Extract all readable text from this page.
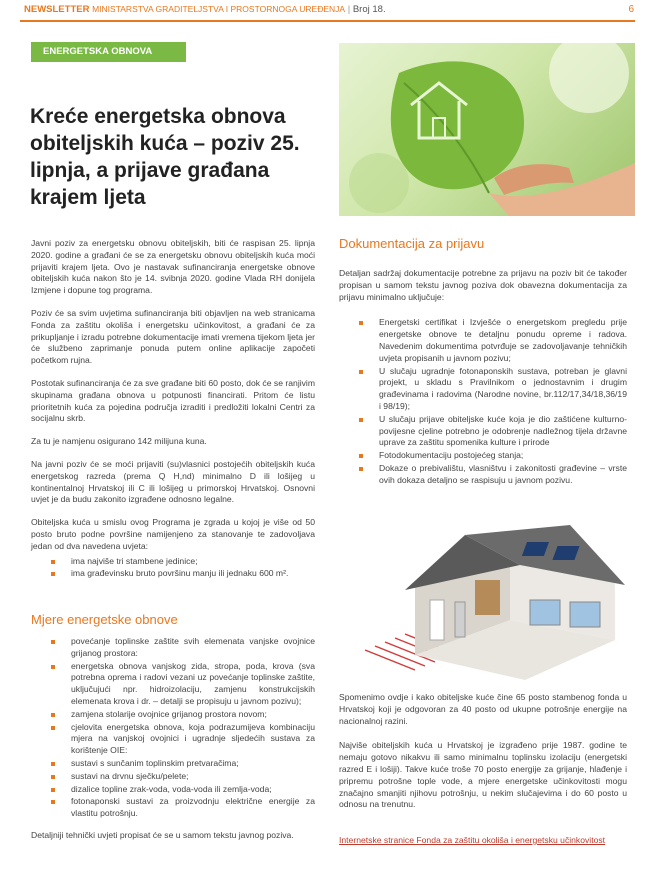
NEWSLETTER MINISTARSTVA GRADITELJSTVA I PROSTORNOGA UREĐENJA | Broj 18.	6
ENERGETSKA OBNOVA
Kreće energetska obnova obiteljskih kuća – poziv 25. lipnja, a prijave građana krajem ljeta

Javni poziv za energetsku obnovu obiteljskih, biti će raspisan 25. lipnja 2020. godine a građani će se za energetsku obnovu obiteljskih kuća moći prijaviti krajem ljeta. Ovo je nastavak sufinanciranja energetske obnove obiteljskih kuća nakon što je 14. svibnja 2020. godine Vlada RH donijela Izmjene i dopune tog programa.

Poziv će sa svim uvjetima sufinanciranja biti objavljen na web stranicama Fonda za zaštitu okoliša i energetsku učinkovitost, a građani će za prikupljanje i izradu potrebne dokumentacije imati vremena tijekom ljeta jer će službeno zaprimanje ponuda putem online aplikacije započeti početkom rujna.

Postotak sufinanciranja će za sve građane biti 60 posto, dok će se ranjivim skupinama građana obnova u potpunosti financirati. Pritom će listu prioritetnih kuća za pojedina područja izraditi i predložiti lokalni Centri za socijalnu skrb.

Za tu je namjenu osigurano 142 milijuna kuna.

Na javni poziv će se moći prijaviti (su)vlasnici postojećih obiteljskih kuća energetskog razreda (prema Q H,nd) minimalno D ili lošijeg u kontinentalnoj Hrvatskoj ili C ili lošijeg u primorskoj Hrvatskoj. Osnovni uvjet je da budu zakonito izgrađene odnosno legalne.

Obiteljska kuća u smislu ovog Programa je zgrada u kojoj je više od 50 posto bruto podne površine namijenjeno za stanovanje te zadovoljava jedan od dva navedena uvjeta:

ima najviše tri stambene jedinice;
ima građevinsku bruto površinu manju ili jednaku 600 m².
Mjere energetske obnove
povećanje toplinske zaštite svih elemenata vanjske ovojnice grijanog prostora:
energetska obnova vanjskog zida, stropa, poda, krova (sva potrebna oprema i radovi vezani uz povećanje toplinske zaštite, uključujući npr. hidroizolaciju, zamjenu konstrukcijskih elemenata krova i dr. – detalji se propisuju u javnom pozivu);
zamjena stolarije ovojnice grijanog prostora novom;
cjelovita energetska obnova, koja podrazumijeva kombinaciju mjera na vanjskoj ovojnici i ugradnje sljedećih sustava za korištenje OIE:
sustavi s sunčanim toplinskim pretvaračima;
sustavi na drvnu sječku/pelete;
dizalice topline zrak-voda, voda-voda ili zemlja-voda;
fotonaponski sustavi za proizvodnju električne energije za vlastitu potrošnju.

Detaljniji tehnički uvjeti propisat će se u samom tekstu javnog poziva.

Dokumentacija za prijavu

Detaljan sadržaj dokumentacije potrebne za prijavu na poziv bit će također propisan u samom tekstu javnog poziva dok obavezna dokumentacija za prijavu minimalno uključuje:

Energetski certifikat i Izvješće o energetskom pregledu prije energetske obnove te detaljnu ponudu opreme i radova. Navedenim dokumentima potvrđuje se zadovoljavanje tehničkih uvjeta propisanih u javnom pozivu;
U slučaju ugradnje fotonaponskih sustava, potreban je glavni projekt, u skladu s Pravilnikom o jednostavnim i drugim građevinama i radovima (Narodne novine, br.112/17,34/18,36/19 i 98/19);
U slučaju prijave obiteljske kuće koja je dio zaštićene kulturno-povijesne cjeline potrebno je odobrenje nadležnog tijela državne uprave za zaštitu spomenika kulture i prirode
Fotodokumentaciju postojećeg stanja;
Dokaze o prebivalištu, vlasništvu i zakonitosti građevine – vrste ovih dokaza detaljno se raspisuju u javnom pozivu.

Spomenimo ovdje i kako obiteljske kuće čine 65 posto stambenog fonda u Hrvatskoj koji je odgovoran za 40 posto od ukupne potrošnje energije na nacionalnoj razini.

Najviše obiteljskih kuća u Hrvatskoj je izgrađeno prije 1987. godine te nemaju gotovo nikakvu ili samo minimalnu toplinsku izolaciju (energetski razred E i lošiji). Takve kuće troše 70 posto energije za grijanje, hlađenje i pripremu potrošne tople vode, a mjere energetske učinkovitosti mogu značajno smanjiti njihovu potrošnju, u nekim slučajevima i do 60 posto u odnosu na trenutnu.

Internetske stranice Fonda za zaštitu okoliša i energetsku učinkovitost
